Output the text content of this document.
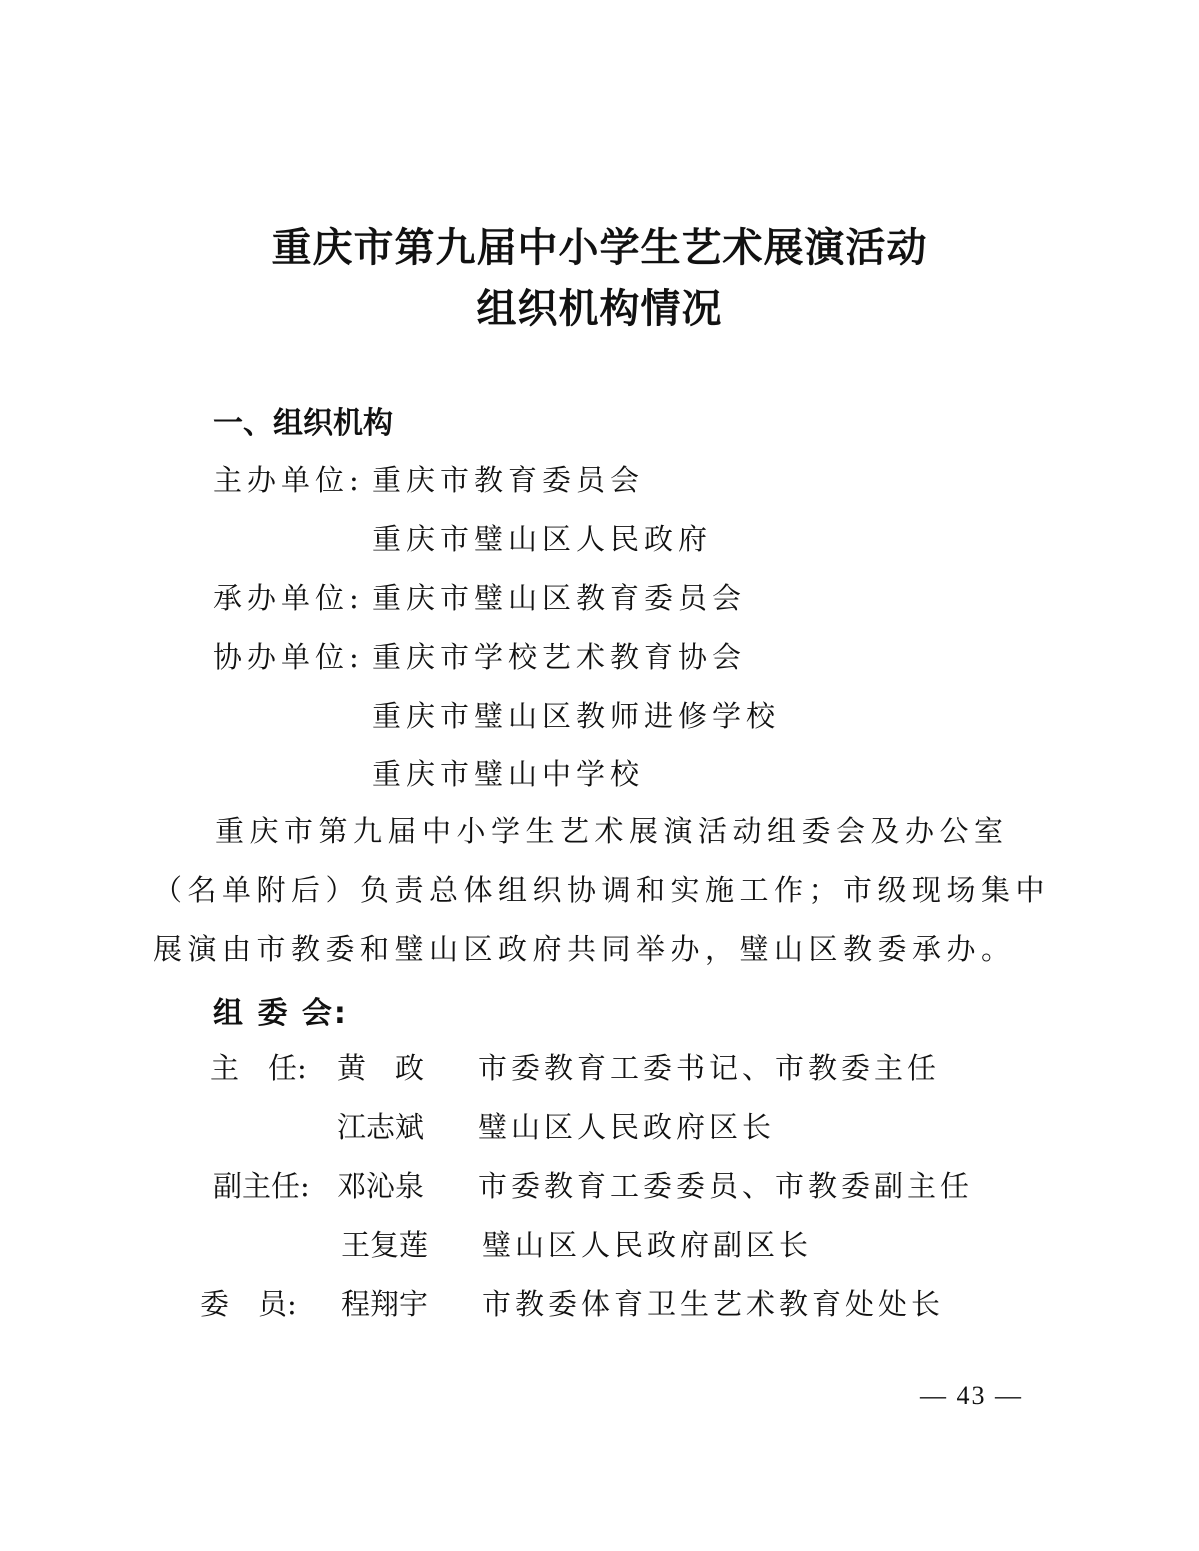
重庆市第九届中小学生艺术展演活动
组织机构情况
一、组织机构
主办单位: 重庆市教育委员会
重庆市璧山区人民政府
承办单位: 重庆市璧山区教育委员会
协办单位: 重庆市学校艺术教育协会
重庆市璧山区教师进修学校
重庆市璧山中学校
重庆市第九届中小学生艺术展演活动组委会及办公室（名单附后）负责总体组织协调和实施工作；市级现场集中展演由市教委和璧山区政府共同举办，璧山区教委承办。
组 委 会:
主　任: 黄　政 市委教育工委书记、市教委主任
江志斌 璧山区人民政府区长
副主任: 邓沁泉 市委教育工委委员、市教委副主任
王复莲 璧山区人民政府副区长
委　员: 程翔宇 市教委体育卫生艺术教育处处长
— 43 —
